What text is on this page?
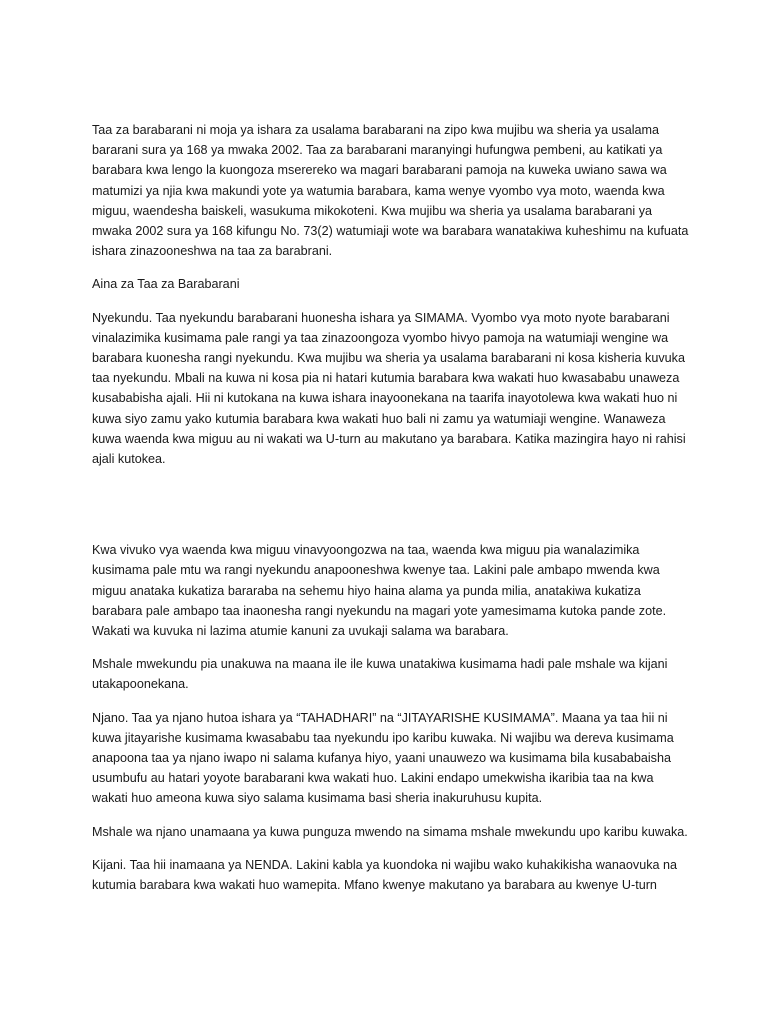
Taa za barabarani ni moja ya ishara za usalama barabarani na zipo kwa mujibu wa sheria ya usalama bararani sura ya 168 ya mwaka 2002. Taa za barabarani maranyingi hufungwa pembeni, au katikati ya barabara kwa lengo la kuongoza mserereko wa magari barabarani pamoja na kuweka uwiano sawa wa matumizi ya njia kwa makundi yote ya watumia barabara, kama wenye vyombo vya moto, waenda kwa miguu, waendesha baiskeli, wasukuma mikokoteni. Kwa mujibu wa sheria ya usalama barabarani ya mwaka 2002 sura ya 168 kifungu No. 73(2) watumiaji wote wa barabara wanatakiwa kuheshimu na kufuata ishara zinazooneshwa na taa za barabrani.

Aina za Taa za Barabarani

Nyekundu. Taa nyekundu barabarani huonesha ishara ya SIMAMA. Vyombo vya moto nyote barabarani vinalazimika kusimama pale rangi ya taa zinazoongoza vyombo hivyo pamoja na watumiaji wengine wa barabara kuonesha rangi nyekundu. Kwa mujibu wa sheria ya usalama barabarani ni kosa kisheria kuvuka taa nyekundu. Mbali na kuwa ni kosa pia ni hatari kutumia barabara kwa wakati huo kwasababu unaweza kusababisha ajali. Hii ni kutokana na kuwa ishara inayoonekana na taarifa inayotolewa kwa wakati huo ni kuwa siyo zamu yako kutumia barabara kwa wakati huo bali ni zamu ya watumiaji wengine. Wanaweza kuwa waenda kwa miguu au ni wakati wa U-turn au makutano ya barabara. Katika mazingira hayo ni rahisi ajali kutokea.

Kwa vivuko vya waenda kwa miguu vinavyoongozwa na taa, waenda kwa miguu pia wanalazimika kusimama pale mtu wa rangi nyekundu anapooneshwa kwenye taa. Lakini pale ambapo mwenda kwa miguu anataka kukatiza bararaba na sehemu hiyo haina alama ya punda milia, anatakiwa kukatiza barabara pale ambapo taa inaonesha rangi nyekundu na magari yote yamesimama kutoka pande zote. Wakati wa kuvuka ni lazima atumie kanuni za uvukaji salama wa barabara.

Mshale mwekundu pia unakuwa na maana ile ile kuwa unatakiwa kusimama hadi pale mshale wa kijani utakapoonekana.

Njano. Taa ya njano hutoa ishara ya “TAHADHARI” na “JITAYARISHE KUSIMAMA”. Maana ya taa hii ni kuwa jitayarishe kusimama kwasababu taa nyekundu ipo karibu kuwaka. Ni wajibu wa dereva kusimama anapoona taa ya njano iwapo ni salama kufanya hiyo, yaani unauwezo wa kusimama bila kusababaisha usumbufu au hatari yoyote barabarani kwa wakati huo. Lakini endapo umekwisha ikaribia taa na kwa wakati huo ameona kuwa siyo salama kusimama basi sheria inakuruhusu kupita.

Mshale wa njano unamaana ya kuwa punguza mwendo na simama mshale mwekundu upo karibu kuwaka.

Kijani. Taa hii inamaana ya NENDA. Lakini kabla ya kuondoka ni wajibu wako kuhakikisha wanaovuka na kutumia barabara kwa wakati huo wamepita. Mfano kwenye makutano ya barabara au kwenye U-turn
